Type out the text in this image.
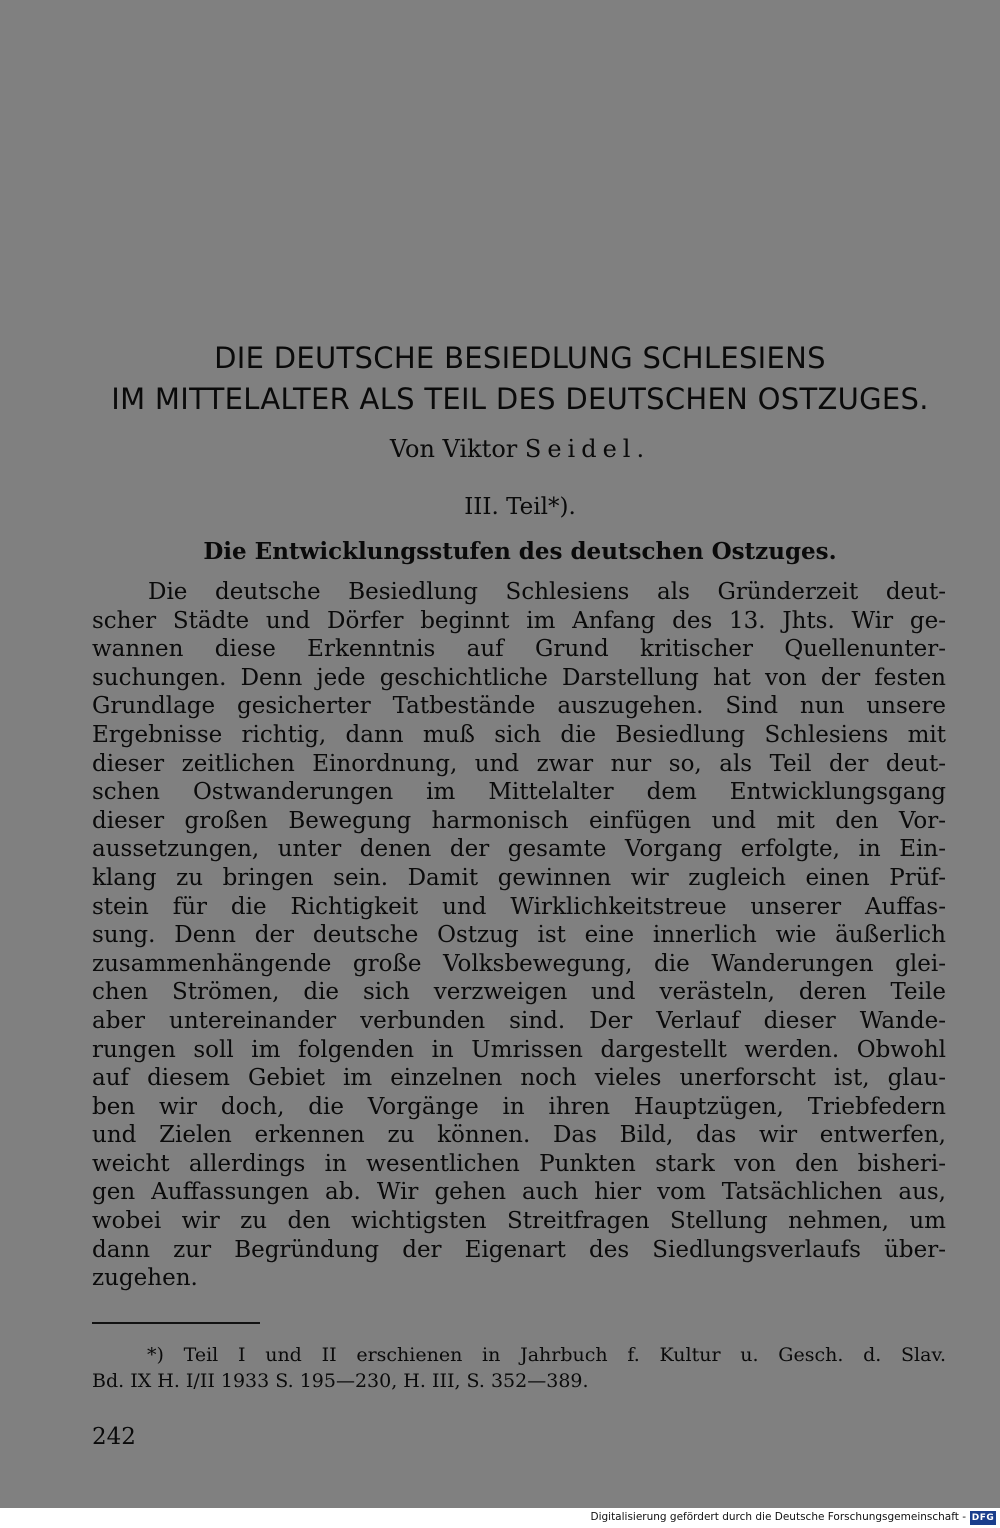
DIE DEUTSCHE BESIEDLUNG SCHLESIENS
IM MITTELALTER ALS TEIL DES DEUTSCHEN OSTZUGES.
Von Viktor Seidel.
III. Teil*).
Die Entwicklungsstufen des deutschen Ostzuges.
Die deutsche Besiedlung Schlesiens als Gründerzeit deut-
scher Städte und Dörfer beginnt im Anfang des 13. Jhts. Wir ge-
wannen diese Erkenntnis auf Grund kritischer Quellenunter-
suchungen. Denn jede geschichtliche Darstellung hat von der festen
Grundlage gesicherter Tatbestände auszugehen. Sind nun unsere
Ergebnisse richtig, dann muß sich die Besiedlung Schlesiens mit
dieser zeitlichen Einordnung, und zwar nur so, als Teil der deut-
schen Ostwanderungen im Mittelalter dem Entwicklungsgang
dieser großen Bewegung harmonisch einfügen und mit den Vor-
aussetzungen, unter denen der gesamte Vorgang erfolgte, in Ein-
klang zu bringen sein. Damit gewinnen wir zugleich einen Prüf-
stein für die Richtigkeit und Wirklichkeitstreue unserer Auffas-
sung. Denn der deutsche Ostzug ist eine innerlich wie äußerlich
zusammenhängende große Volksbewegung, die Wanderungen glei-
chen Strömen, die sich verzweigen und verästeln, deren Teile
aber untereinander verbunden sind. Der Verlauf dieser Wande-
rungen soll im folgenden in Umrissen dargestellt werden. Obwohl
auf diesem Gebiet im einzelnen noch vieles unerforscht ist, glau-
ben wir doch, die Vorgänge in ihren Hauptzügen, Triebfedern
und Zielen erkennen zu können. Das Bild, das wir entwerfen,
weicht allerdings in wesentlichen Punkten stark von den bisheri-
gen Auffassungen ab. Wir gehen auch hier vom Tatsächlichen aus,
wobei wir zu den wichtigsten Streitfragen Stellung nehmen, um
dann zur Begründung der Eigenart des Siedlungsverlaufs über-
zugehen.
*) Teil I und II erschienen in Jahrbuch f. Kultur u. Gesch. d. Slav.
Bd. IX H. I/II 1933 S. 195—230, H. III, S. 352—389.
242
Digitalisierung gefördert durch die Deutsche Forschungsgemeinschaft - DFG
